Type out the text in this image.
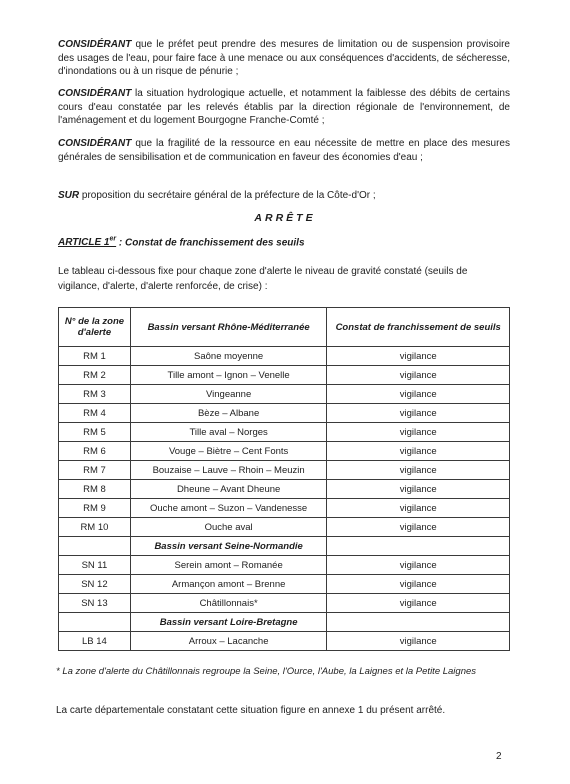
CONSIDÉRANT que le préfet peut prendre des mesures de limitation ou de suspension provisoire des usages de l'eau, pour faire face à une menace ou aux conséquences d'accidents, de sécheresse, d'inondations ou à un risque de pénurie ;
CONSIDÉRANT la situation hydrologique actuelle, et notamment la faiblesse des débits de certains cours d'eau constatée par les relevés établis par la direction régionale de l'environnement, de l'aménagement et du logement Bourgogne Franche-Comté ;
CONSIDÉRANT que la fragilité de la ressource en eau nécessite de mettre en place des mesures générales de sensibilisation et de communication en faveur des économies d'eau ;
SUR proposition du secrétaire général de la préfecture de la Côte-d'Or ;
ARRÊTE
ARTICLE 1er : Constat de franchissement des seuils
Le tableau ci-dessous fixe pour chaque zone d'alerte le niveau de gravité constaté (seuils de vigilance, d'alerte, d'alerte renforcée, de crise) :
N° de la zone d'alerte	Bassin versant Rhône-Méditerranée	Constat de franchissement de seuils
RM 1	Saône moyenne	vigilance
RM 2	Tille amont – Ignon – Venelle	vigilance
RM 3	Vingeanne	vigilance
RM 4	Bèze – Albane	vigilance
RM 5	Tille aval – Norges	vigilance
RM 6	Vouge – Biètre – Cent Fonts	vigilance
RM 7	Bouzaise – Lauve – Rhoin – Meuzin	vigilance
RM 8	Dheune – Avant Dheune	vigilance
RM 9	Ouche amont – Suzon – Vandenesse	vigilance
RM 10	Ouche aval	vigilance
	Bassin versant Seine-Normandie	
SN 11	Serein amont – Romanée	vigilance
SN 12	Armançon amont – Brenne	vigilance
SN 13	Châtillonnais*	vigilance
	Bassin versant Loire-Bretagne	
LB 14	Arroux – Lacanche	vigilance
* La zone d'alerte du Châtillonnais regroupe la Seine, l'Ource, l'Aube, la Laignes et la Petite Laignes
La carte départementale constatant cette situation figure en annexe 1 du présent arrêté.
2
